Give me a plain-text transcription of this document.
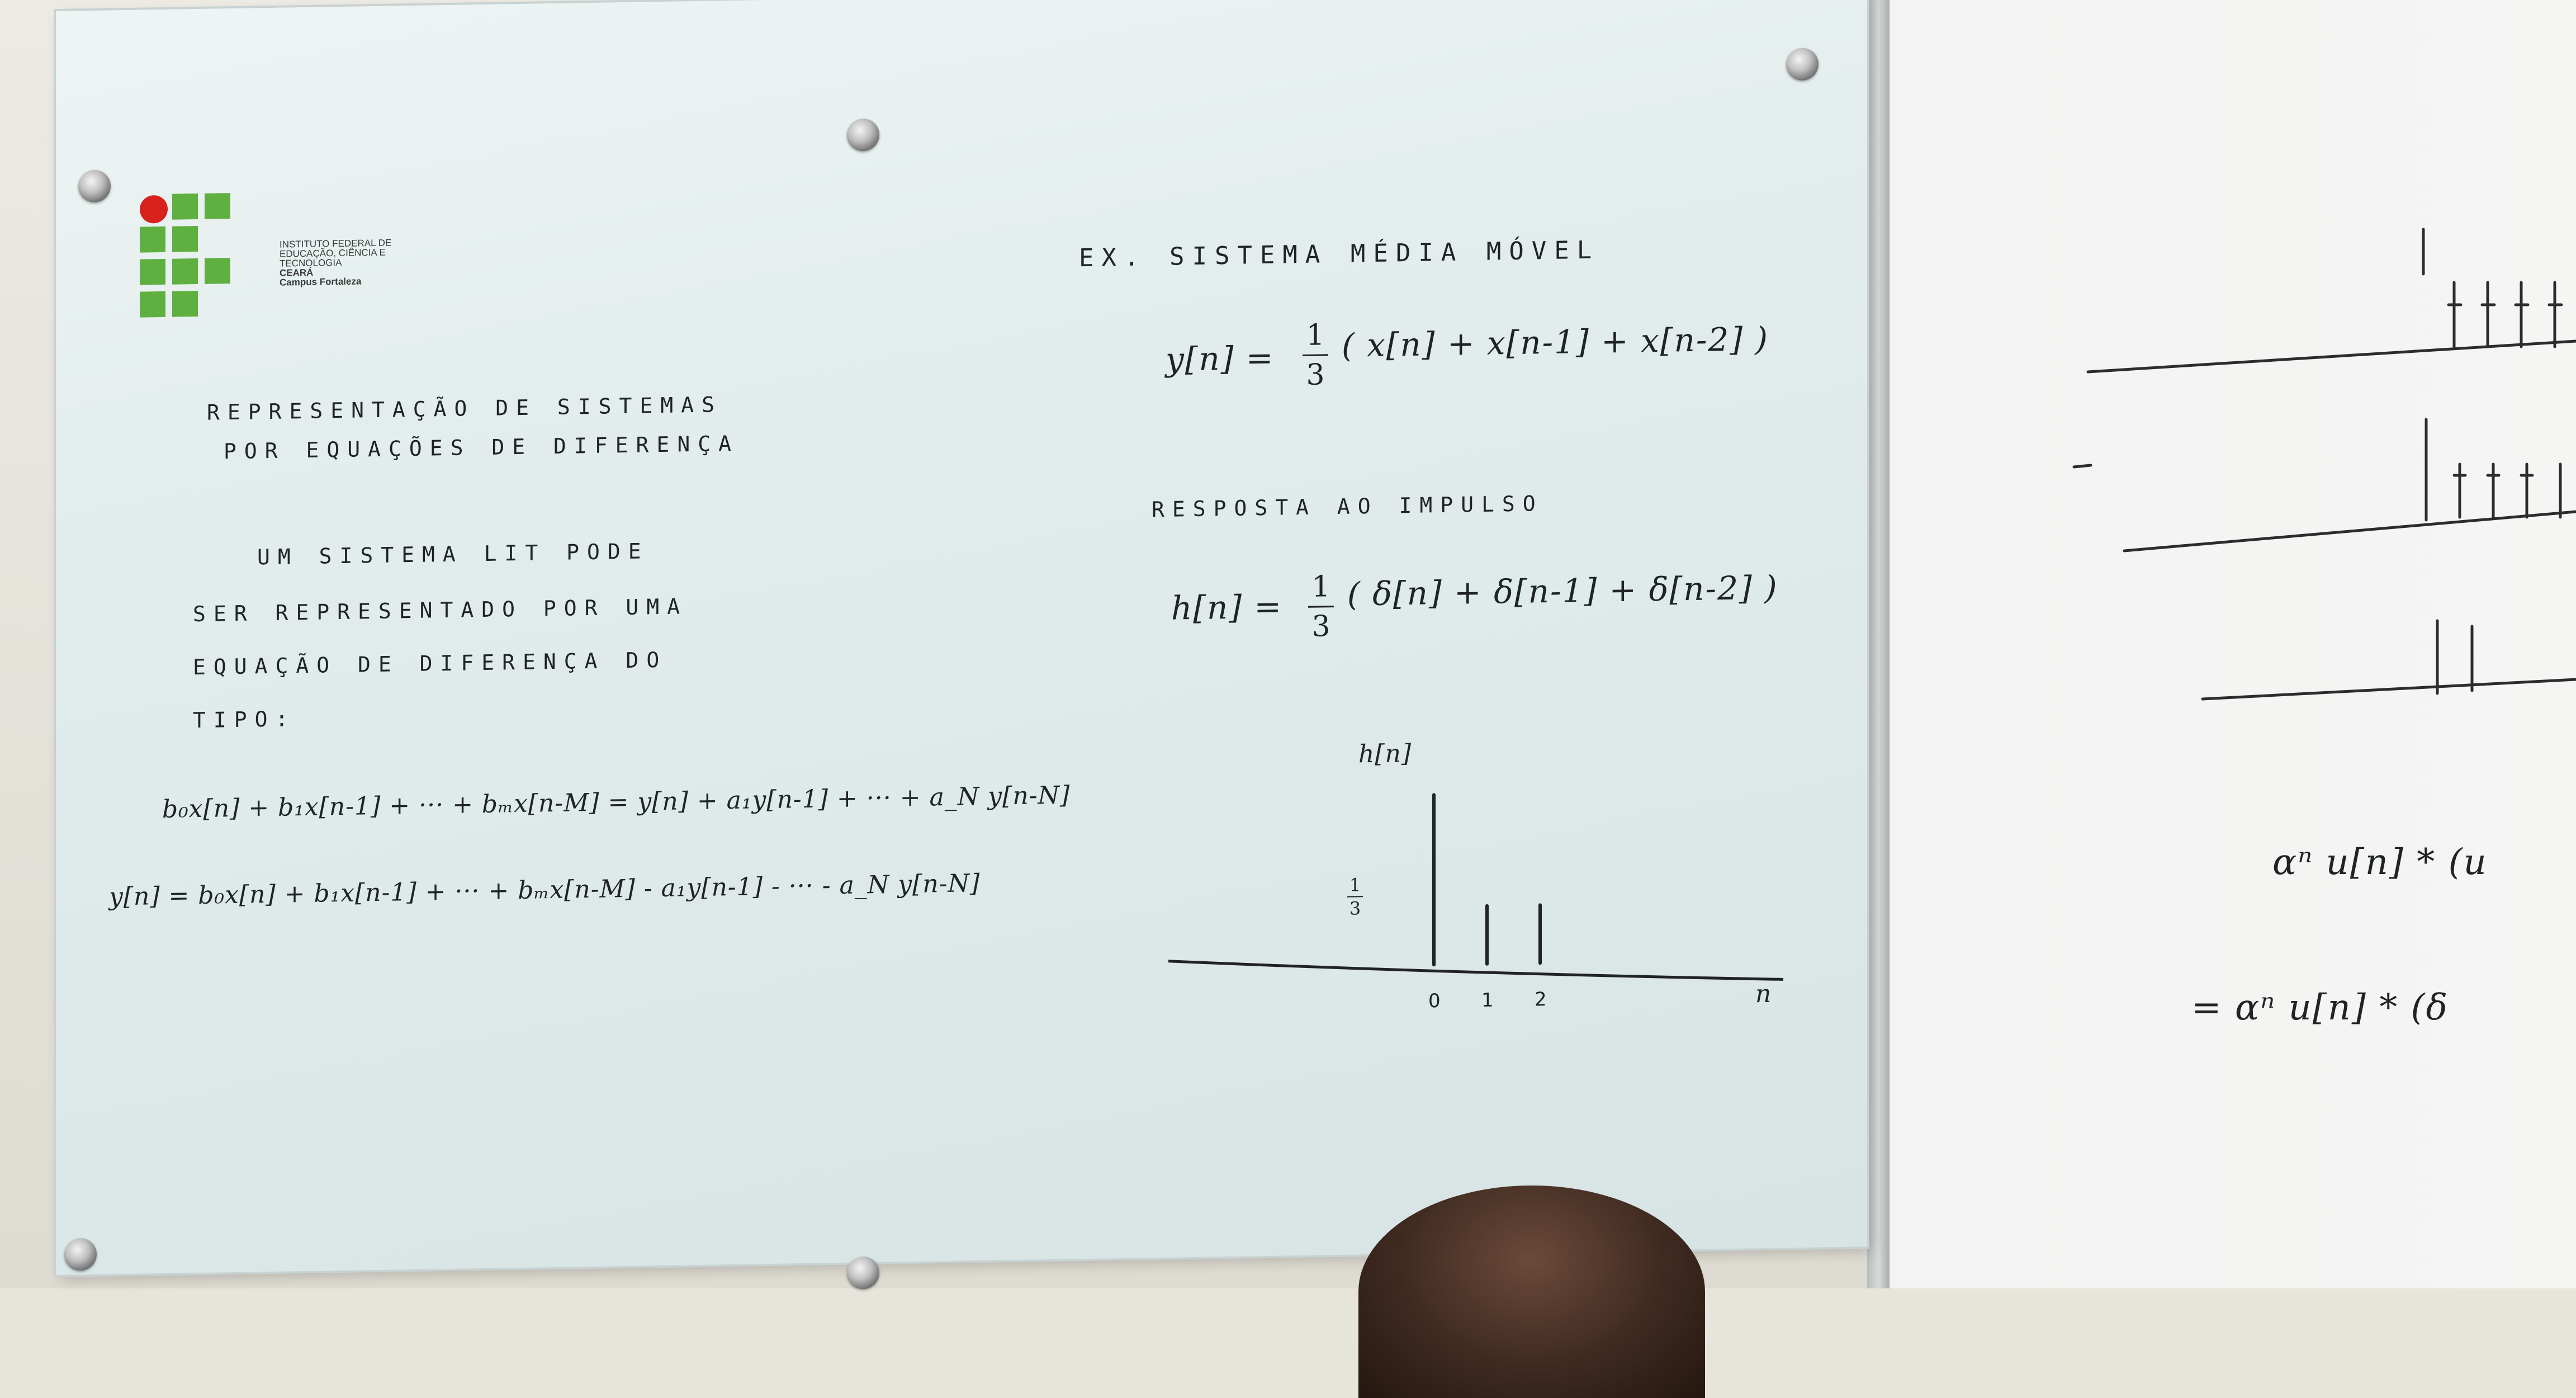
αⁿ u[n] * (u
= αⁿ u[n] * (δ
INSTITUTO FEDERAL DE
EDUCAÇÃO, CIÊNCIA E
TECNOLOGIA
CEARÁ
Campus Fortaleza
REPRESENTAÇÃO DE SISTEMAS
POR EQUAÇÕES DE DIFERENÇA
UM SISTEMA LIT PODE
SER REPRESENTADO POR UMA
EQUAÇÃO DE DIFERENÇA DO
TIPO:
b₀x[n] + b₁x[n-1] + ··· + bₘx[n-M] = y[n] + a₁y[n-1] + ··· + a_N y[n-N]
y[n] = b₀x[n] + b₁x[n-1] + ··· + bₘx[n-M] - a₁y[n-1] - ··· - a_N y[n-N]
EX. SISTEMA MÉDIA MÓVEL
y[n] =
1
3
( x[n] + x[n-1] + x[n-2] )
RESPOSTA AO IMPULSO
h[n] =
1
3
( δ[n] + δ[n-1] + δ[n-2] )
0 1 2
h[n]
n
1
3
